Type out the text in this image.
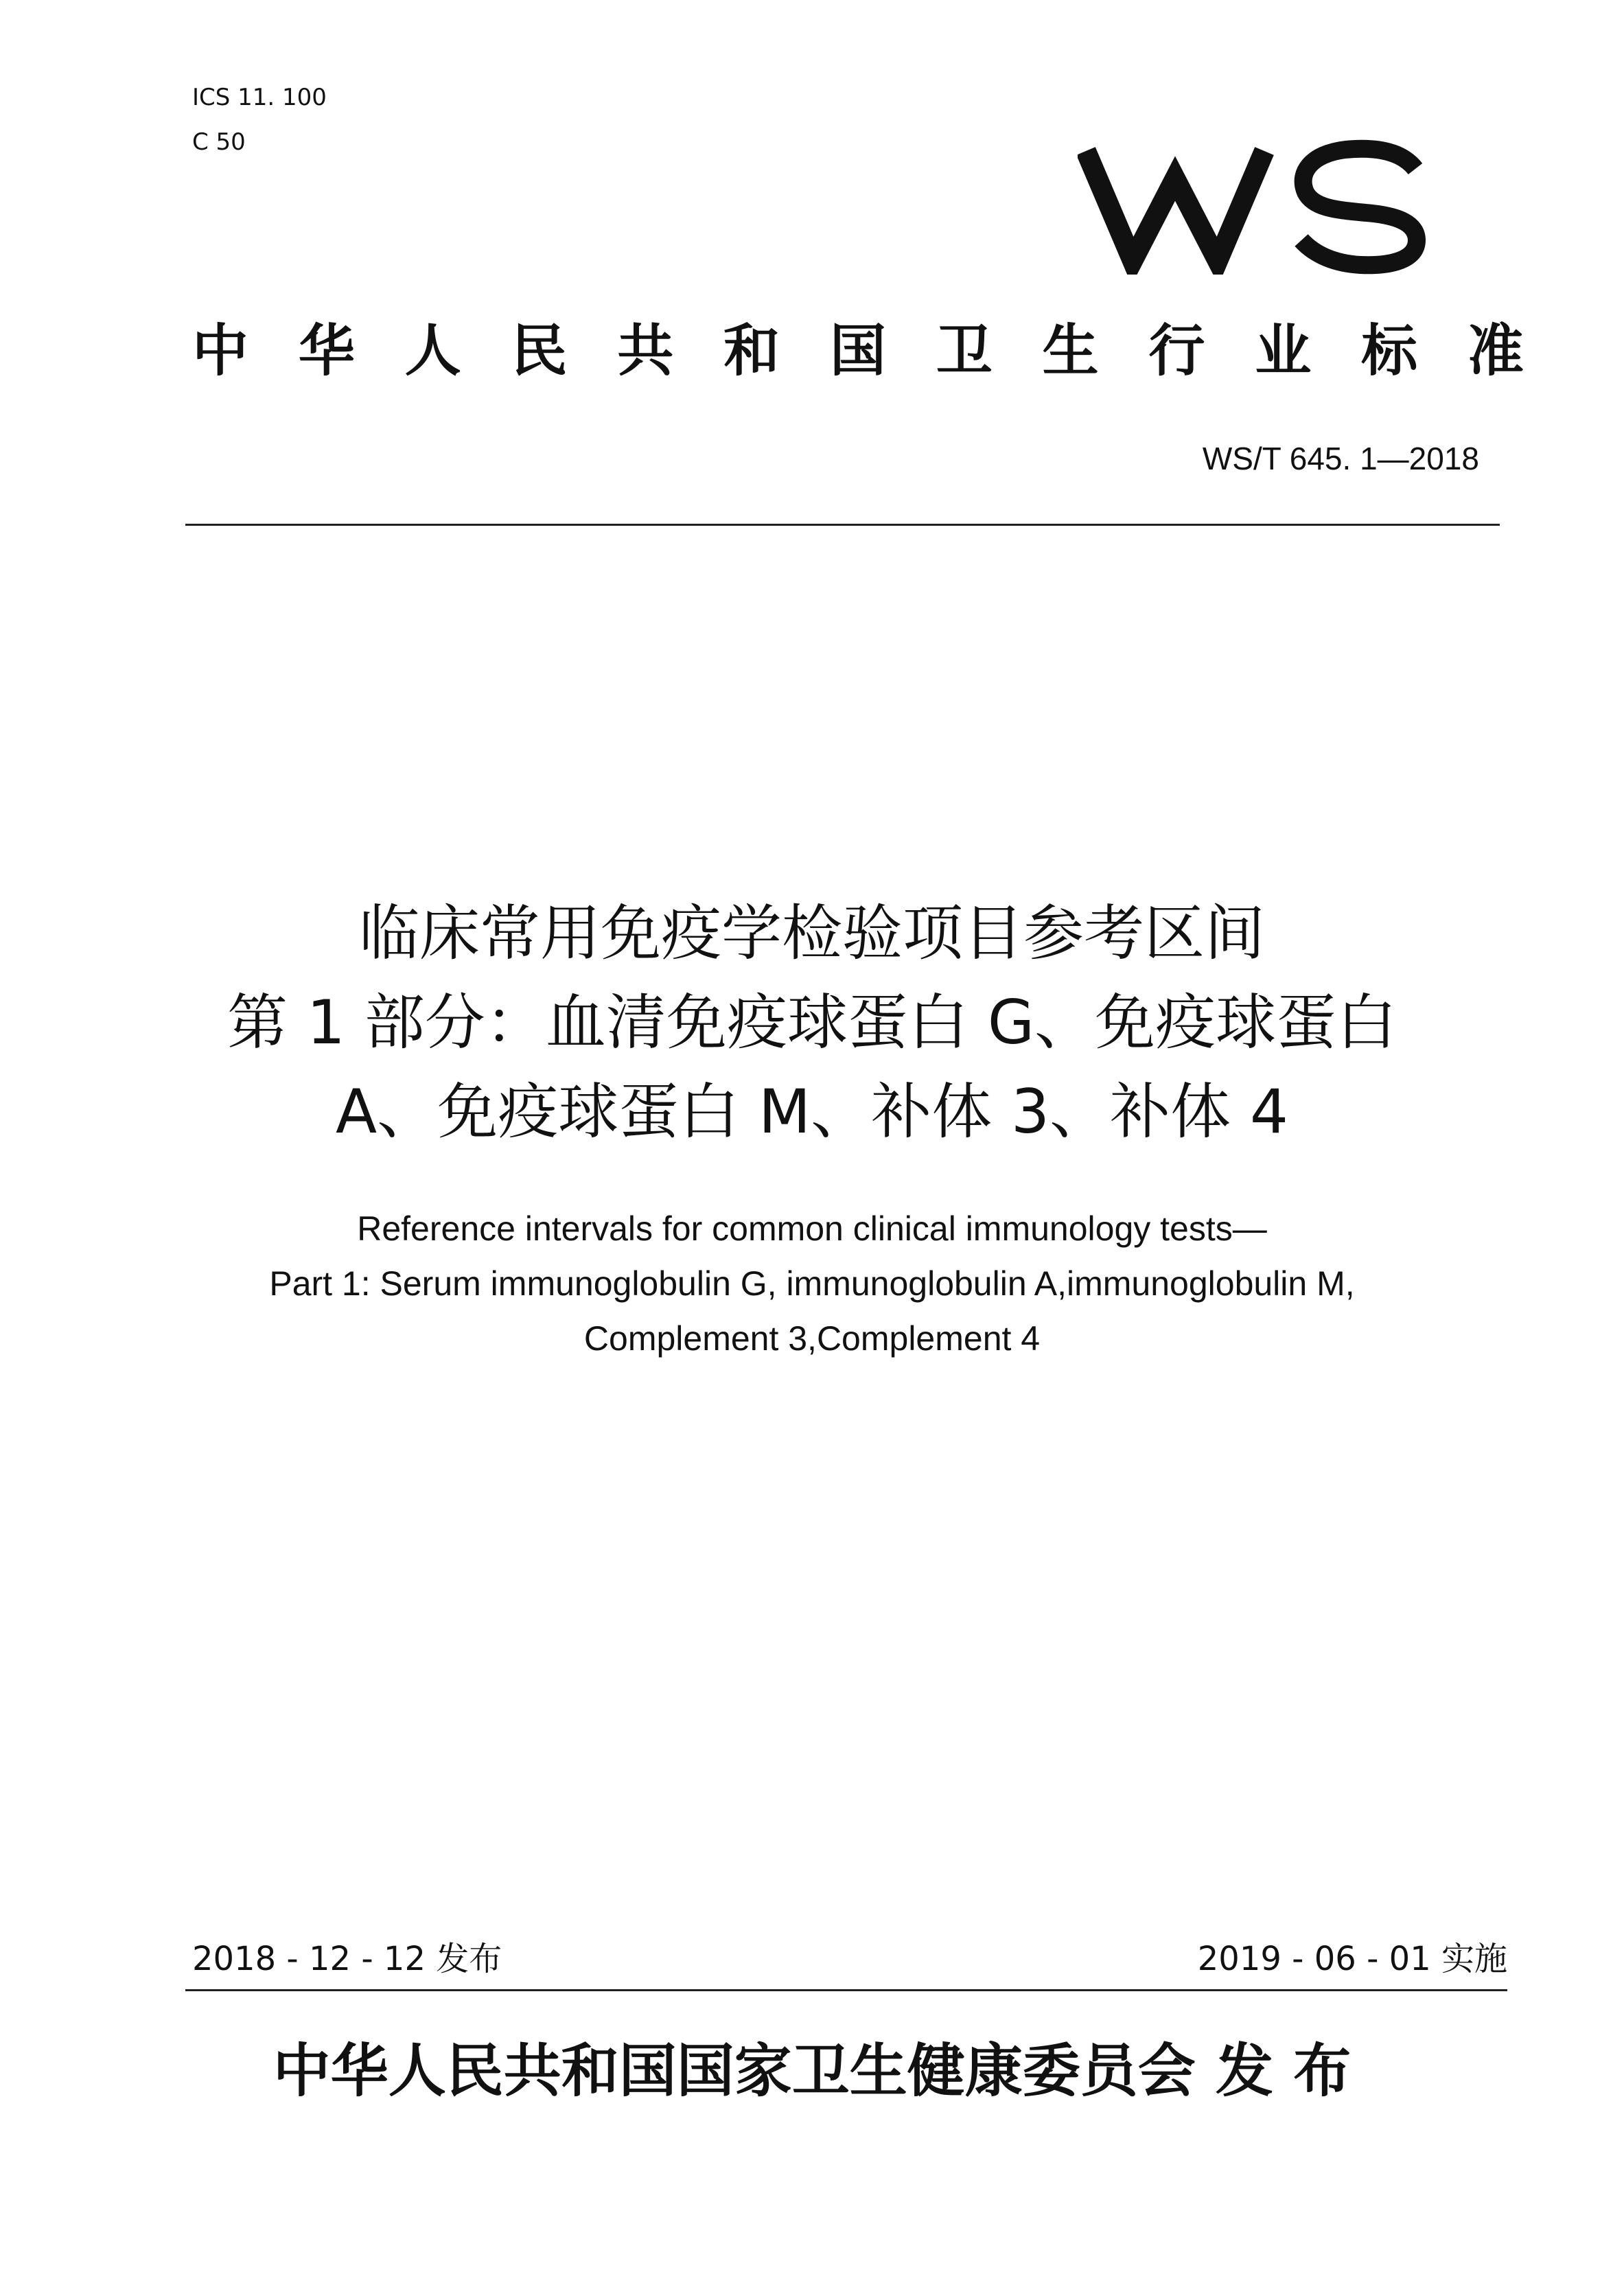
ICS 11. 100
C 50
中 华 人 民 共 和 国 卫 生 行 业 标 准
WS/T 645. 1—2018
临床常用免疫学检验项目参考区间
第 1 部分：血清免疫球蛋白 G、免疫球蛋白
A、免疫球蛋白 M、补体 3、补体 4
Reference intervals for common clinical immunology tests—
Part 1: Serum immunoglobulin G, immunoglobulin A,immunoglobulin M,
Complement 3,Complement 4
2018 - 12 - 12 发布	2019 - 06 - 01 实施
中华人民共和国国家卫生健康委员会 发 布
